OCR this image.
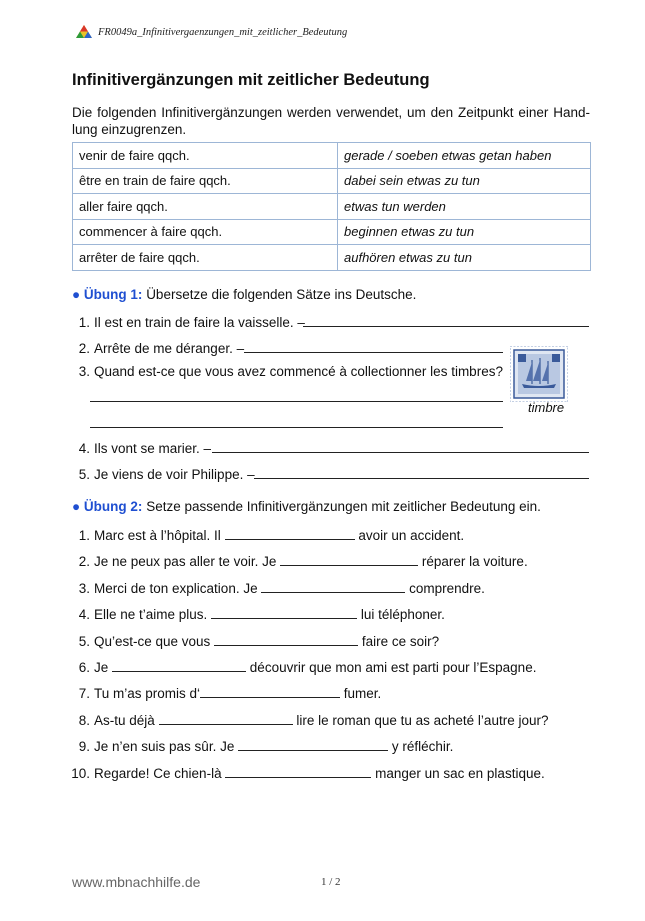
FR0049a_Infinitivergaenzungen_mit_zeitlicher_Bedeutung
Infinitivergänzungen mit zeitlicher Bedeutung
Die folgenden Infinitivergänzungen werden verwendet, um den Zeitpunkt einer Hand-lung einzugrenzen.
venir de faire qqch.	gerade / soeben etwas getan haben
être en train de faire qqch.	dabei sein etwas zu tun
aller faire qqch.	etwas tun werden
commencer à faire qqch.	beginnen etwas zu tun
arrêter de faire qqch.	aufhören etwas zu tun
● Übung 1: Übersetze die folgenden Sätze ins Deutsche.
1. Il est en train de faire la vaisselle. –
2. Arrête de me déranger. –
3. Quand est-ce que vous avez commencé à collectionner les timbres?
timbre
4. Ils vont se marier. –
5. Je viens de voir Philippe. –
● Übung 2: Setze passende Infinitivergänzungen mit zeitlicher Bedeutung ein.
1. Marc est à l’hôpital. Il	avoir un accident.
2. Je ne peux pas aller te voir. Je	réparer la voiture.
3. Merci de ton explication. Je	comprendre.
4. Elle ne t’aime plus.	lui téléphoner.
5. Qu’est-ce que vous	faire ce soir?
6. Je	découvrir que mon ami est parti pour l’Espagne.
7. Tu m’as promis d‘	fumer.
8. As-tu déjà	lire le roman que tu as acheté l’autre jour?
9. Je n’en suis pas sûr. Je	y réfléchir.
10. Regarde! Ce chien-là	manger un sac en plastique.
www.mbnachhilfe.de	1 / 2
